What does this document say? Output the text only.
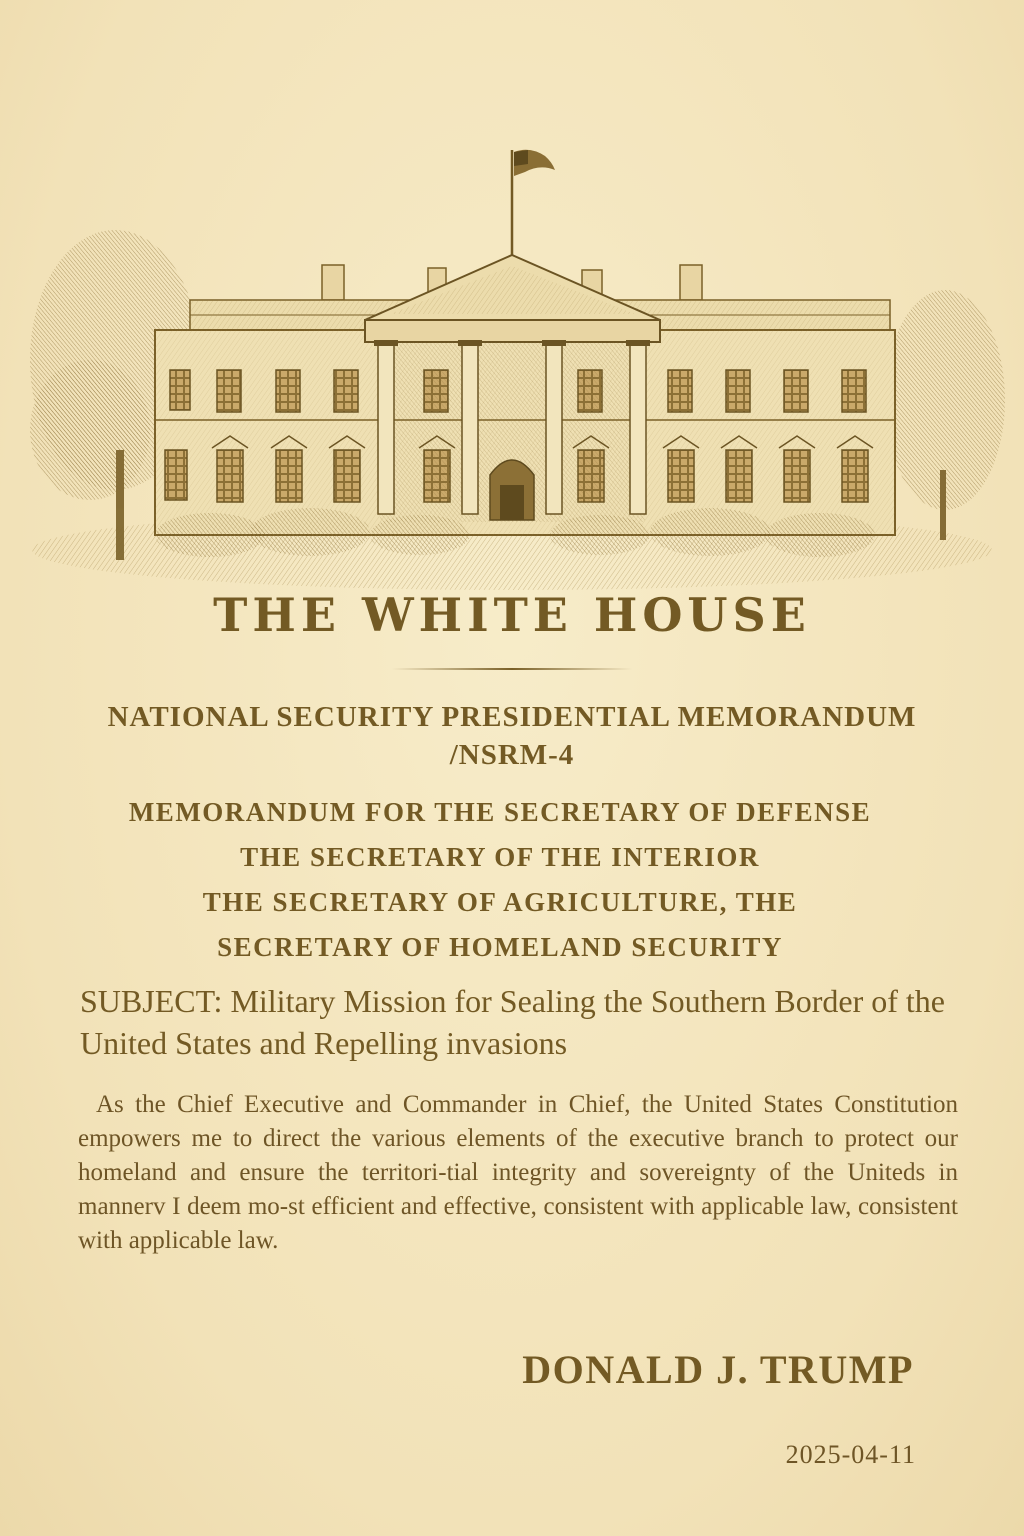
THE WHITE HOUSE
NATIONAL SECURITY PRESIDENTIAL MEMORANDUM
/NSRM-4
MEMORANDUM FOR THE SECRETARY OF DEFENSE
THE SECRETARY OF THE INTERIOR
THE SECRETARY OF AGRICULTURE, THE
SECRETARY OF HOMELAND SECURITY
SUBJECT: Military Mission for Sealing the Southern Border of the United States and Repelling invasions
As the Chief Executive and Commander in Chief, the United States Constitution empowers me to direct the various elements of the executive branch to protect our homeland and ensure the territori-tial integrity and sovereignty of the Uniteds in mannerv I deem mo-st efficient and effective, consistent with applicable law, consistent with applicable law.
DONALD J. TRUMP
2025-04-11
